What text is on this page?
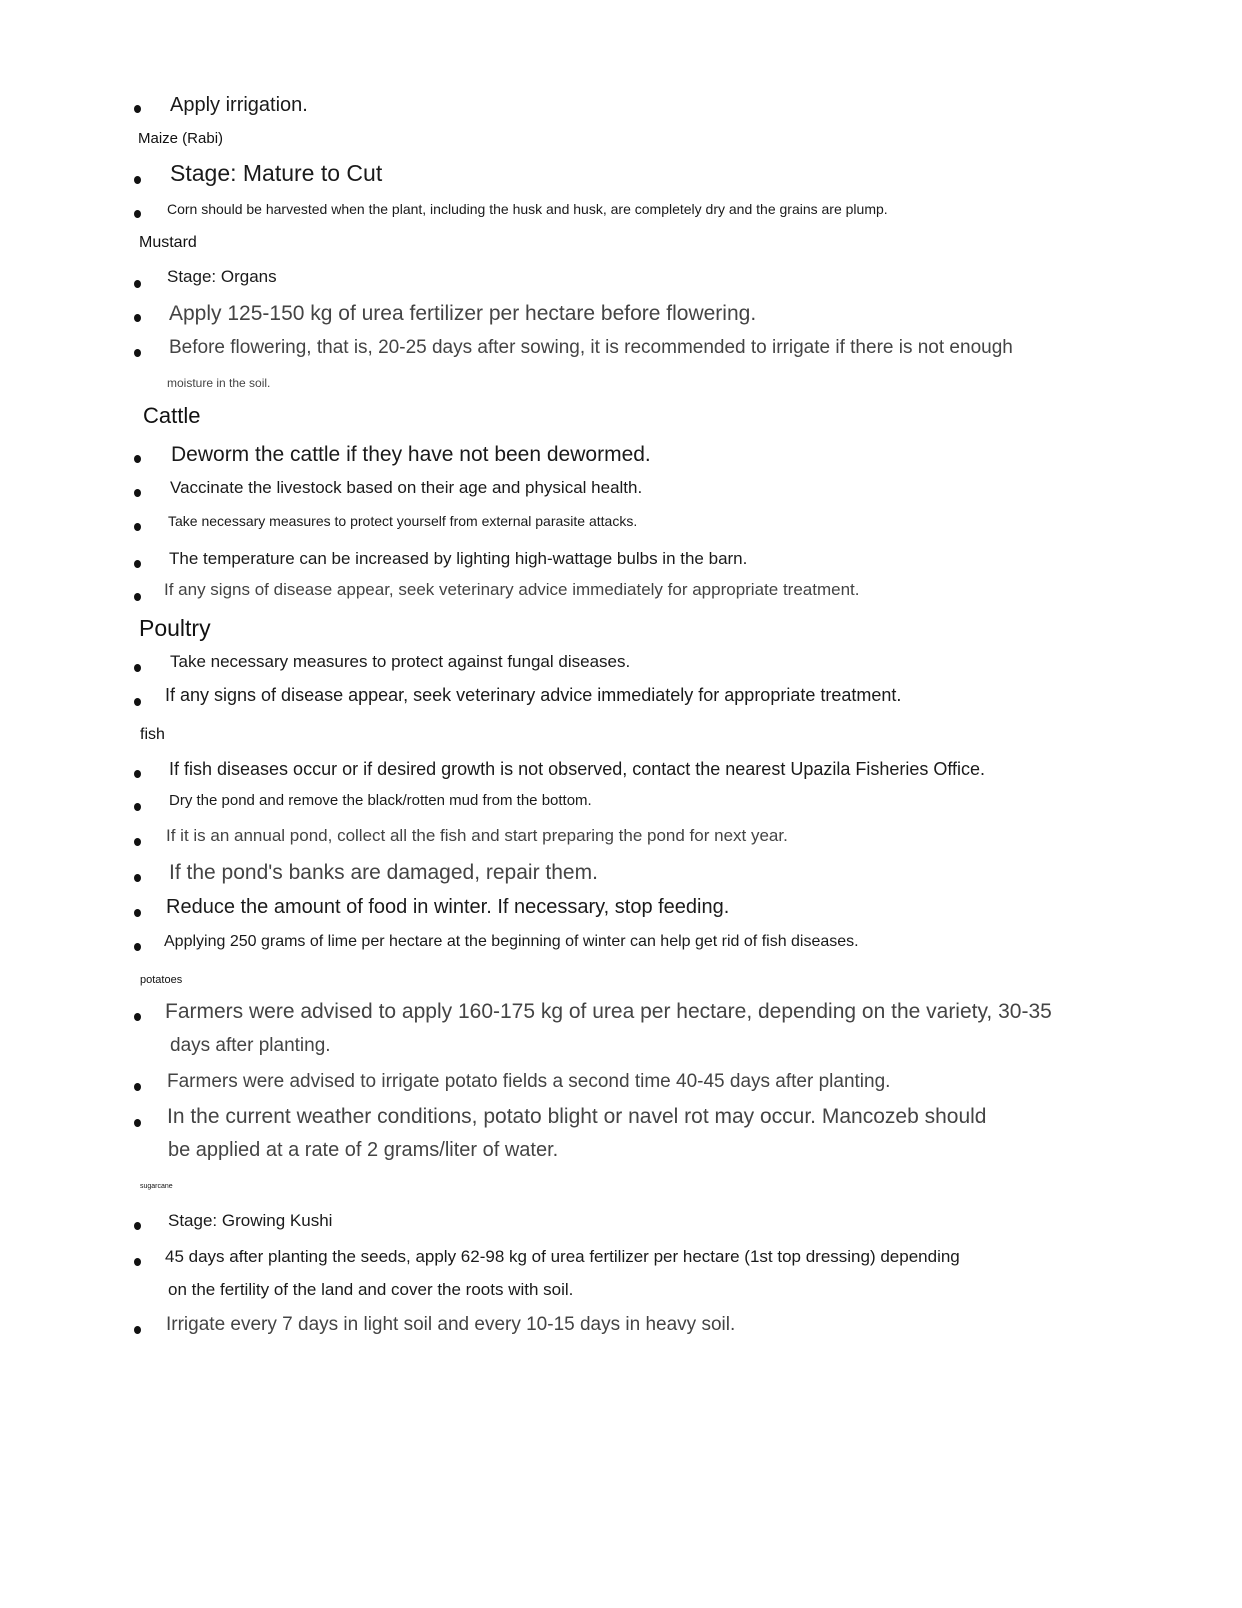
Apply irrigation.
Maize (Rabi)
Stage: Mature to Cut
Corn should be harvested when the plant, including the husk and husk, are completely dry and the grains are plump.
Mustard
Stage: Organs
Apply 125-150 kg of urea fertilizer per hectare before flowering.
Before flowering, that is, 20-25 days after sowing, it is recommended to irrigate if there is not enough
moisture in the soil.
Cattle
Deworm the cattle if they have not been dewormed.
Vaccinate the livestock based on their age and physical health.
Take necessary measures to protect yourself from external parasite attacks.
The temperature can be increased by lighting high-wattage bulbs in the barn.
If any signs of disease appear, seek veterinary advice immediately for appropriate treatment.
Poultry
Take necessary measures to protect against fungal diseases.
If any signs of disease appear, seek veterinary advice immediately for appropriate treatment.
fish
If fish diseases occur or if desired growth is not observed, contact the nearest Upazila Fisheries Office.
Dry the pond and remove the black/rotten mud from the bottom.
If it is an annual pond, collect all the fish and start preparing the pond for next year.
If the pond's banks are damaged, repair them.
Reduce the amount of food in winter. If necessary, stop feeding.
Applying 250 grams of lime per hectare at the beginning of winter can help get rid of fish diseases.
potatoes
Farmers were advised to apply 160-175 kg of urea per hectare, depending on the variety, 30-35
days after planting.
Farmers were advised to irrigate potato fields a second time 40-45 days after planting.
In the current weather conditions, potato blight or navel rot may occur. Mancozeb should
be applied at a rate of 2 grams/liter of water.
sugarcane
Stage: Growing Kushi
45 days after planting the seeds, apply 62-98 kg of urea fertilizer per hectare (1st top dressing) depending
on the fertility of the land and cover the roots with soil.
Irrigate every 7 days in light soil and every 10-15 days in heavy soil.
